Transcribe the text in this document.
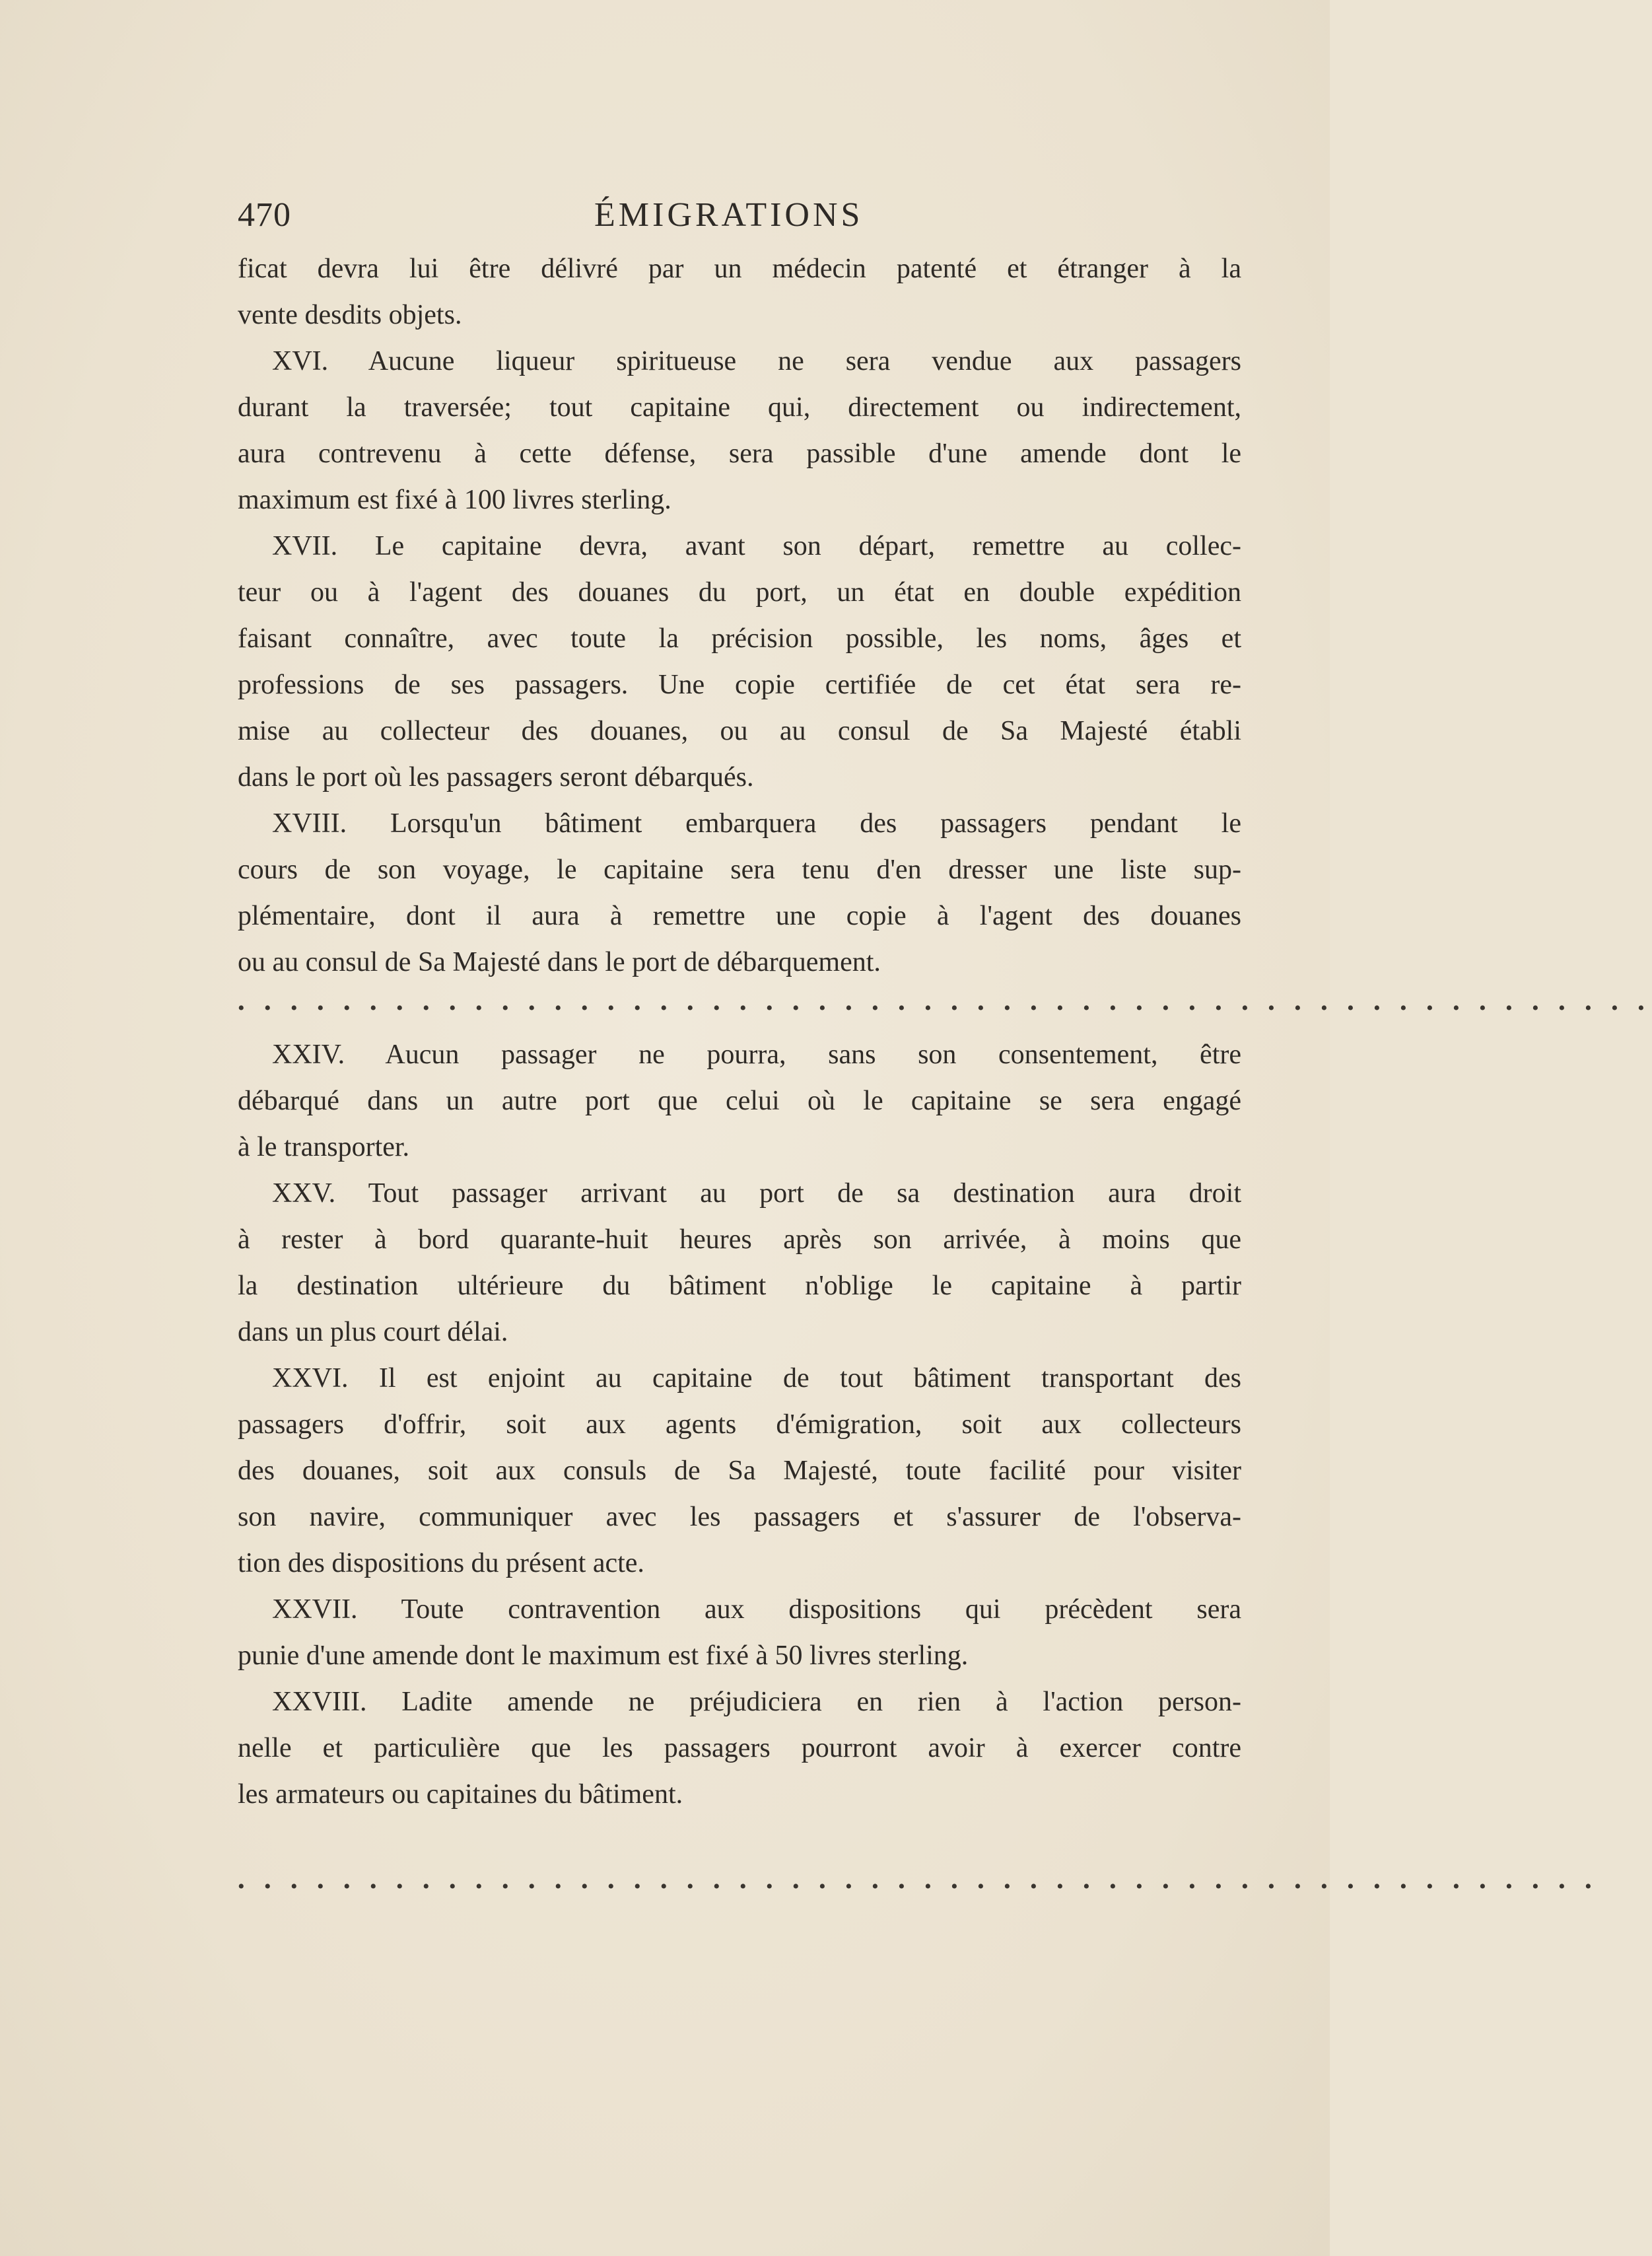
470	ÉMIGRATIONS
ficat devra lui être délivré par un médecin patenté et étranger à la
vente desdits objets.
XVI. Aucune liqueur spiritueuse ne sera vendue aux passagers
durant la traversée; tout capitaine qui, directement ou indirectement,
aura contrevenu à cette défense, sera passible d'une amende dont le
maximum est fixé à 100 livres sterling.
XVII. Le capitaine devra, avant son départ, remettre au collec-
teur ou à l'agent des douanes du port, un état en double expédition
faisant connaître, avec toute la précision possible, les noms, âges et
professions de ses passagers. Une copie certifiée de cet état sera re-
mise au collecteur des douanes, ou au consul de Sa Majesté établi
dans le port où les passagers seront débarqués.
XVIII. Lorsqu'un bâtiment embarquera des passagers pendant le
cours de son voyage, le capitaine sera tenu d'en dresser une liste sup-
plémentaire, dont il aura à remettre une copie à l'agent des douanes
ou au consul de Sa Majesté dans le port de débarquement.
• • • • • • • • • • • • • • • • • • • • • • • • • • • • • • • • • • • • • • • • • • • • • • • • • • • • • •
XXIV. Aucun passager ne pourra, sans son consentement, être
débarqué dans un autre port que celui où le capitaine se sera engagé
à le transporter.
XXV. Tout passager arrivant au port de sa destination aura droit
à rester à bord quarante-huit heures après son arrivée, à moins que
la destination ultérieure du bâtiment n'oblige le capitaine à partir
dans un plus court délai.
XXVI. Il est enjoint au capitaine de tout bâtiment transportant des
passagers d'offrir, soit aux agents d'émigration, soit aux collecteurs
des douanes, soit aux consuls de Sa Majesté, toute facilité pour visiter
son navire, communiquer avec les passagers et s'assurer de l'observa-
tion des dispositions du présent acte.
XXVII. Toute contravention aux dispositions qui précèdent sera
punie d'une amende dont le maximum est fixé à 50 livres sterling.
XXVIII. Ladite amende ne préjudiciera en rien à l'action person-
nelle et particulière que les passagers pourront avoir à exercer contre
les armateurs ou capitaines du bâtiment.
• • • • • • • • • • • • • • • • • • • • • • • • • • • • • • • • • • • • • • • • • • • • • • • • • • • •
